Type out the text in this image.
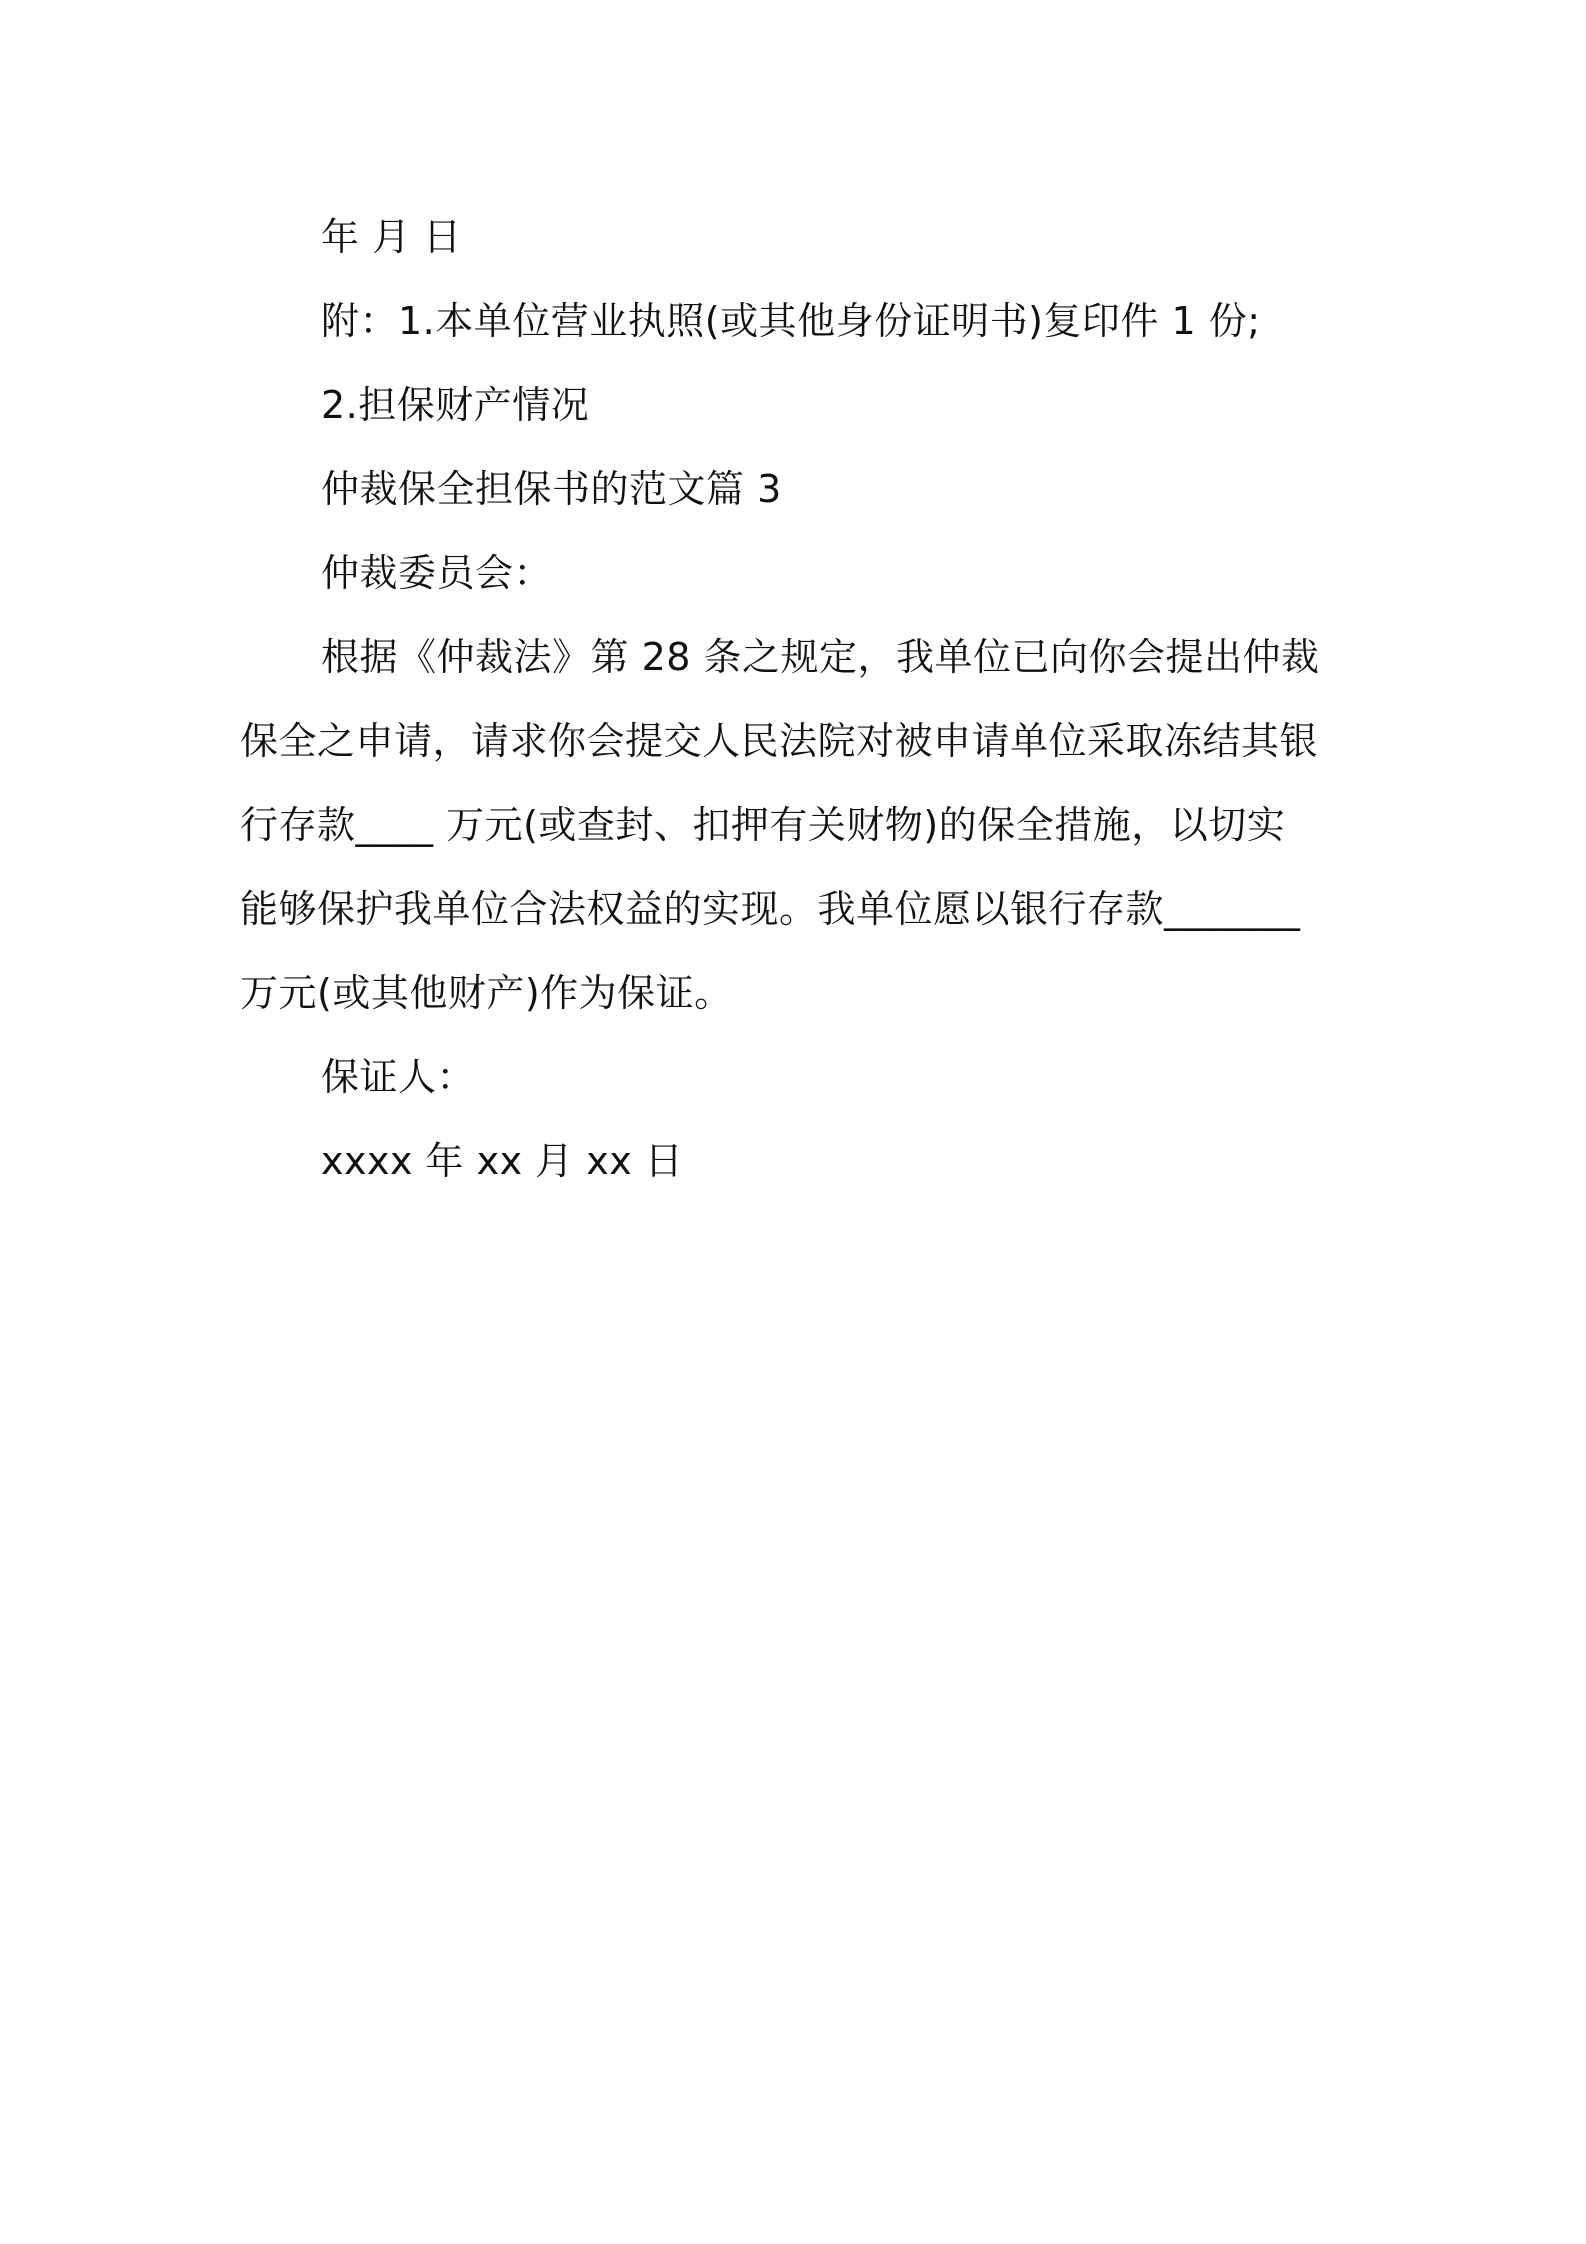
年 月 日
附：1.本单位营业执照(或其他身份证明书)复印件 1 份;
2.担保财产情况
仲裁保全担保书的范文篇 3
仲裁委员会：
根据《仲裁法》第 28 条之规定，我单位已向你会提出仲裁
保全之申请，请求你会提交人民法院对被申请单位采取冻结其银
行存款____ 万元(或查封、扣押有关财物)的保全措施，以切实
能够保护我单位合法权益的实现。我单位愿以银行存款_______
万元(或其他财产)作为保证。
保证人：
xxxx 年 xx 月 xx 日
